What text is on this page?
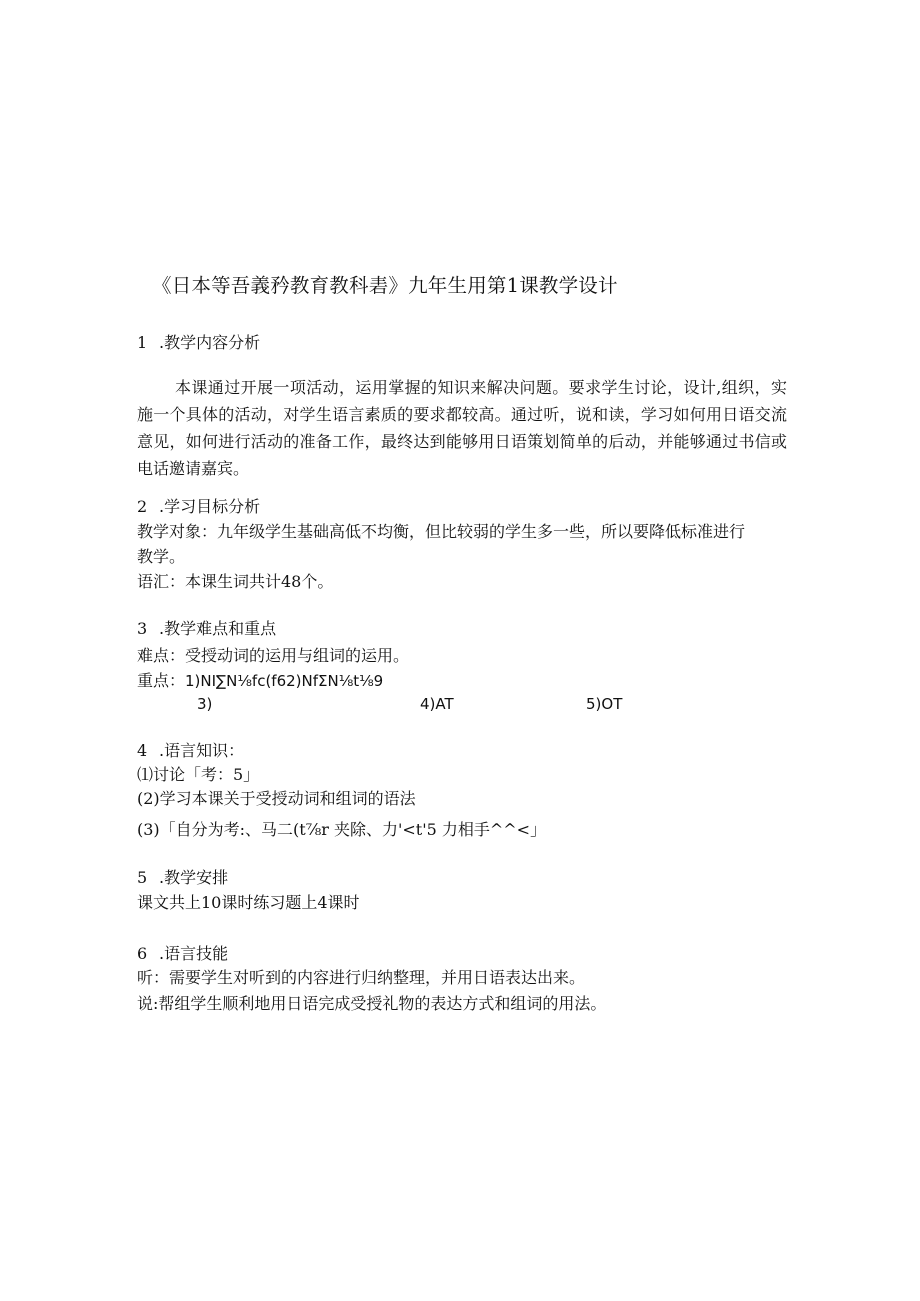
《日本等吾義矜教育教科砉》九年生用第1课教学设计
1 .教学内容分析
本课通过开展一项活动，运用掌握的知识来解决问题。要求学生讨论，设计,组织，实施一个具体的活动，对学生语言素质的要求都较高。通过听，说和读，学习如何用日语交流意见，如何进行活动的准备工作，最终达到能够用日语策划简单的后动，并能够通过书信或电话邀请嘉宾。
2 .学习目标分析
教学对象：九年级学生基础高低不均衡，但比较弱的学生多一些，所以要降低标准进行
教学。
语汇：本课生词共计48个。
3 .教学难点和重点
难点：受授动词的运用与组词的运用。
重点：1)NI∑N⅛fc(f62)NfΣN⅛t⅛9
3)	4)AT	5)OT
4 .语言知识：
⑴讨论「考：5」
(2)学习本课关于受授动词和组词的语法
(3)「自分为考:、马二(t⅞r 夹除、力'<t'5 力相手^^<」
5 .教学安排
课文共上10课时练习题上4课时
6 .语言技能
听：需要学生对听到的内容进行归纳整理，并用日语表达出来。
说:帮组学生顺利地用日语完成受授礼物的表达方式和组词的用法。
